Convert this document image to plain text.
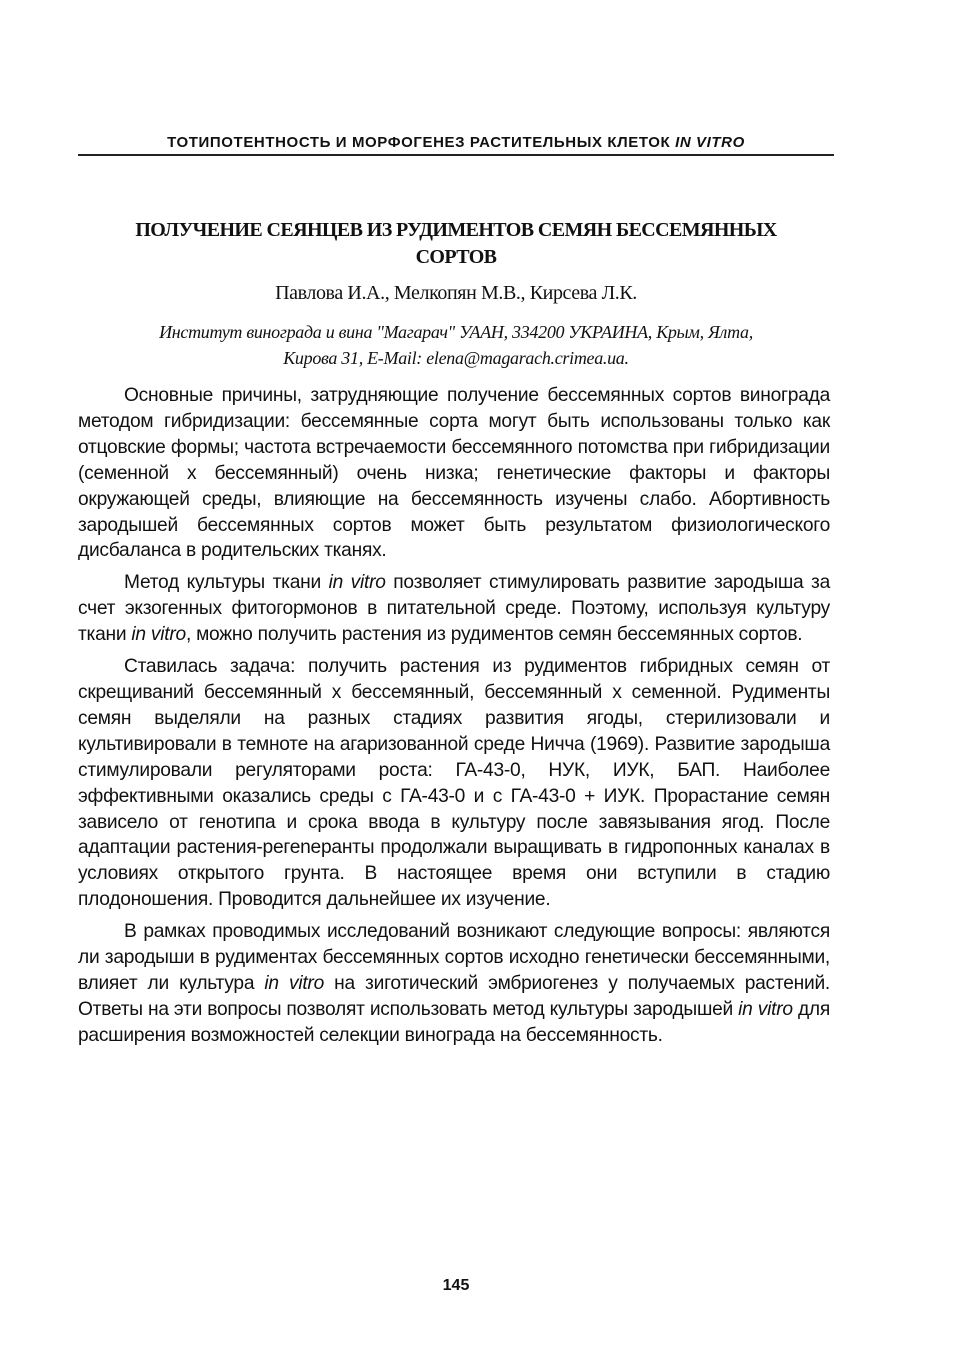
ТОТИПОТЕНТНОСТЬ И МОРФОГЕНЕЗ РАСТИТЕЛЬНЫХ КЛЕТОК IN VITRO
ПОЛУЧЕНИЕ СЕЯНЦЕВ ИЗ РУДИМЕНТОВ СЕМЯН БЕССЕМЯННЫХ
СОРТОВ
Павлова И.А., Мелкопян М.В., Кирсева Л.К.
Институт винограда и вина "Магарач" УААН, 334200 УКРАИНА, Крым, Ялта,
Кирова 31, E-Mail: elena@magarach.crimea.ua.

Основные причины, затрудняющие получение бессемянных сортов винограда методом гибридизации: бессемянные сорта могут быть использованы только как отцовские формы; частота встречаемости бессемянного потомства при гибридизации (семенной х бессемянный) очень низка; генетические факторы и факторы окружающей среды, влияющие на бессемянность изучены слабо. Абортивность зародышей бессемянных сортов может быть результатом физиологического дисбаланса в родительских тканях.

Метод культуры ткани in vitro позволяет стимулировать развитие зародыша за счет экзогенных фитогормонов в питательной среде. Поэтому, используя культуру ткани in vitro, можно получить растения из рудиментов семян бессемянных сортов.

Ставилась задача: получить растения из рудиментов гибридных семян от скрещиваний бессемянный х бессемянный, бессемянный х семенной. Рудименты семян выделяли на разных стадиях развития ягоды, стерилизовали и культивировали в темноте на агаризованной среде Ничча (1969). Развитие зародыша стимулировали регуляторами роста: ГА-43-0, НУК, ИУК, БАП. Наиболее эффективными оказались среды с ГА-43-0 и с ГА-43-0 + ИУК. Прорастание семян зависело от генотипа и срока ввода в культуру после завязывания ягод. После адаптации растения-регеneранты продолжали выращивать в гидропонных каналах в условиях открытого грунта. В настоящее время они вступили в стадию плодоношения. Проводится дальнейшее их изучение.

В рамках проводимых исследований возникают следующие вопросы: являются ли зародыши в рудиментах бессемянных сортов исходно генетически бессемянными, влияет ли культура in vitro на зиготический эмбриогенез у получаемых растений. Ответы на эти вопросы позволят использовать метод культуры зародышей in vitro для расширения возможностей селекции винограда на бессемянность.

145
